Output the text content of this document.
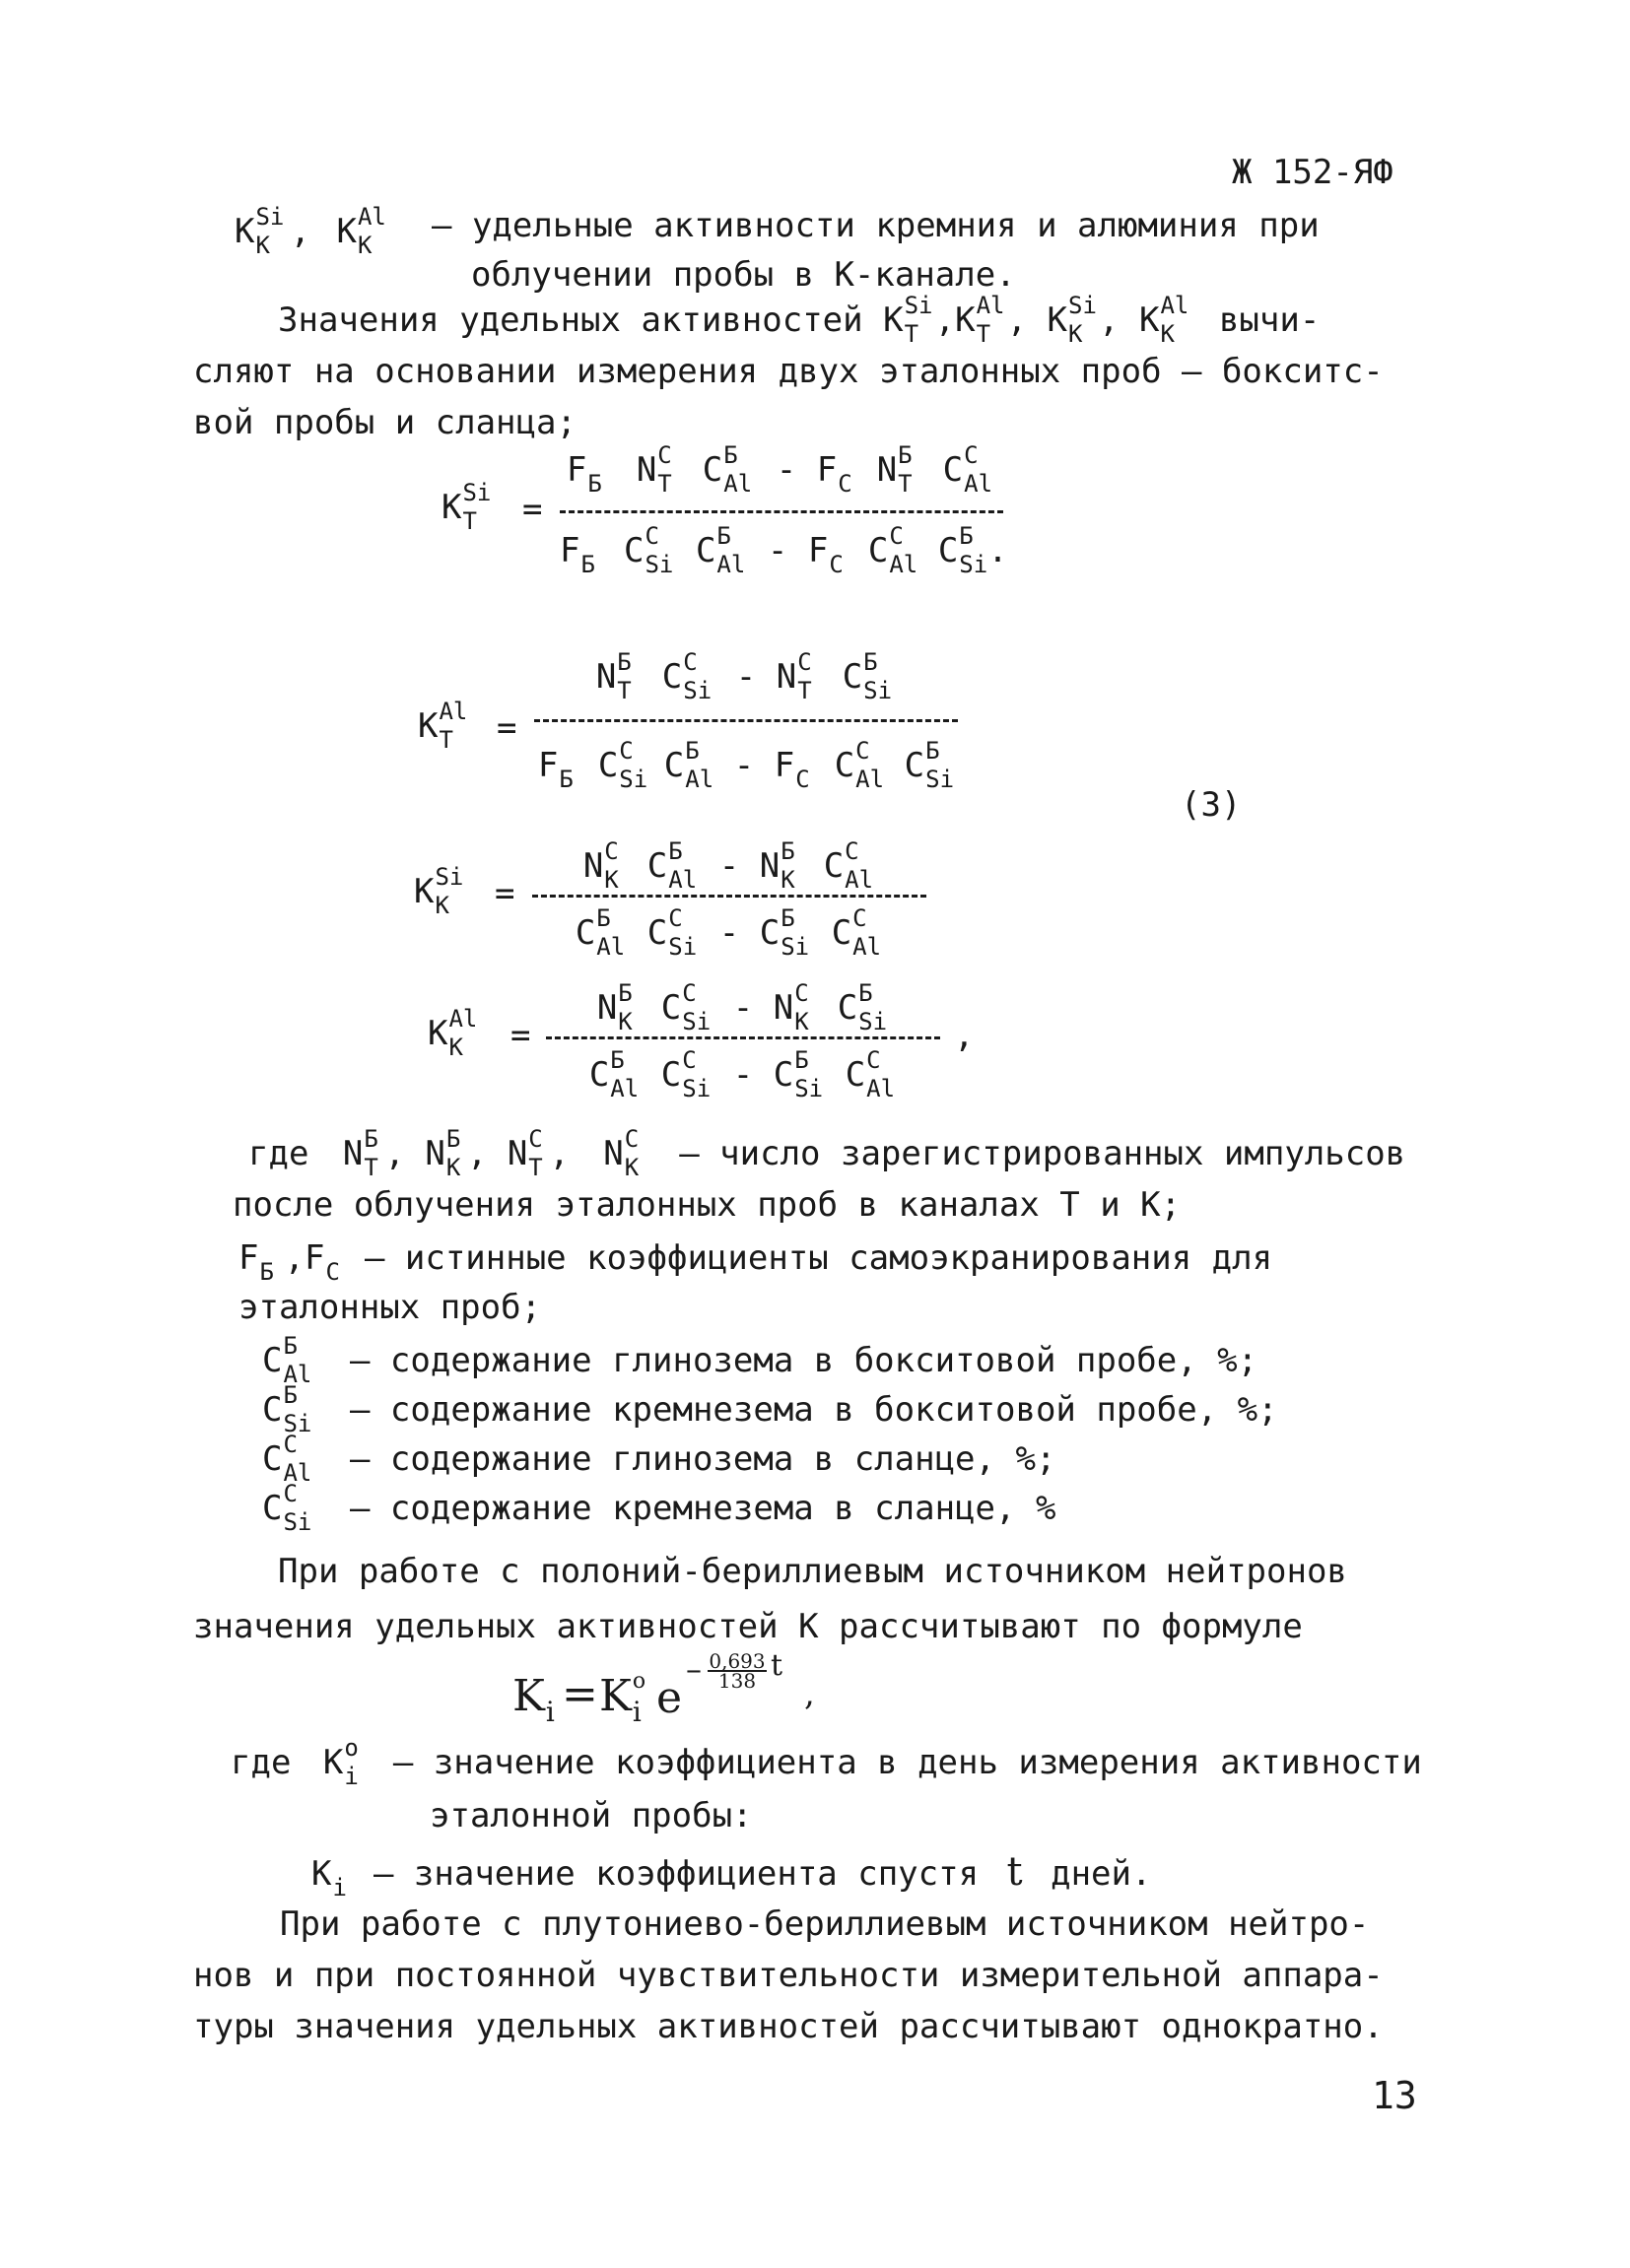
Ж 152-ЯФ
K Si
K , K Al
K – удельные активности кремния и алюминия при
облучении пробы в К-канале.
Значения удельных активностей K Si
T ,K Al
T , K Si
K , K Al
K вычи-
сляют на основании измерения двух эталонных проб – бокситс-
вой пробы и сланца;
K Si
T =
F Б N C
T C Б
Al - F C N Б
T C C
Al
F Б C C
Si C Б
Al - F C C C
Al C Б
Si .
K Al
T =
N Б
T C C
Si - N C
T C Б
Si
F Б C C
Si C Б
Al - F C C C
Al C Б
Si
(3)
K Si
K =
N C
K C Б
Al - N Б
K C C
Al
C Б
Al C C
Si - C Б
Si C C
Al
K Al
K =
N Б
K C C
Si - N C
K C Б
Si
C Б
Al C C
Si - C Б
Si C C
Al
,
где N Б
T , N Б
K , N C
T , N C
K – число зарегистрированных импульсов
после облучения эталонных проб в каналах Т и К;
F Б ,F C – истинные коэффициенты самоэкранирования для
эталонных проб;
C Б
Al – содержание глинозема в бокситовой пробе, %;
C Б
Si – содержание кремнезема в бокситовой пробе, %;
C C
Al – содержание глинозема в сланце, %;
C C
Si – содержание кремнезема в сланце, %
При работе с полоний-бериллиевым источником нейтронов
значения удельных активностей К рассчитывают по формуле
K i = K o
i e
– 0,693
138 t
,
где K o
i – значение коэффициента в день измерения активности
эталонной пробы:
K i – значение коэффициента спустя t дней.
При работе с плутониево-бериллиевым источником нейтро-
нов и при постоянной чувствительности измерительной аппара-
туры значения удельных активностей рассчитывают однократно.
13
